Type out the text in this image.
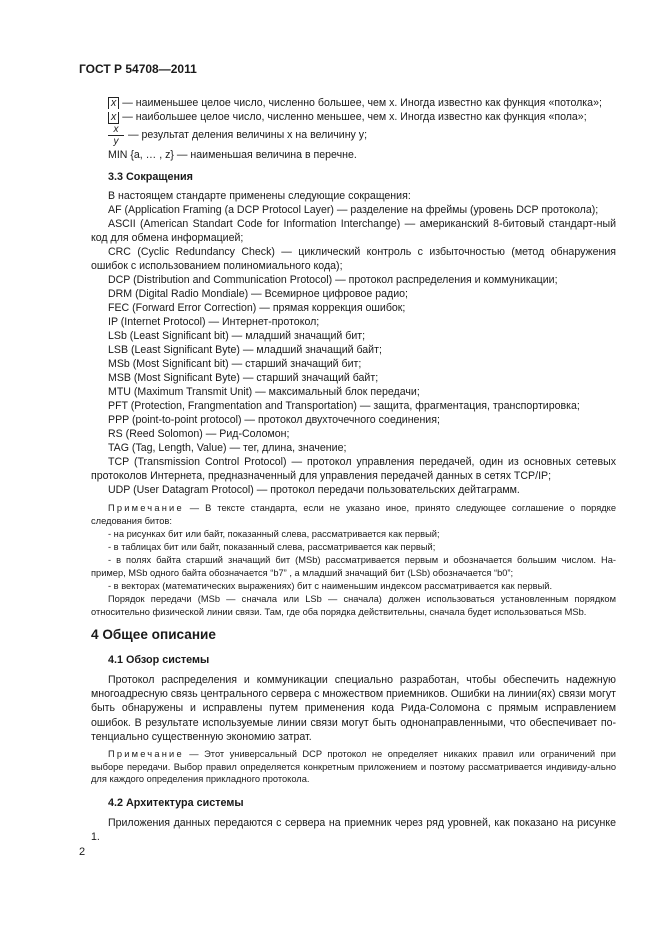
ГОСТ Р 54708—2011

x — наименьшее целое число, численно большее, чем x. Иногда известно как функция «потолка»;

x — наибольшее целое число, численно меньшее, чем x. Иногда известно как функция «пола»;

$\frac{x}{y}$ — результат деления величины x на величину y;

MIN {a, … , z} — наименьшая величина в перечне.

3.3 Сокращения

В настоящем стандарте применены следующие сокращения:

AF (Application Framing (a DCP Protocol Layer) — разделение на фреймы (уровень DCP протокола);

ASCII (American Standart Code for Information Interchange) — американский 8-битовый стандарт-ный код для обмена информацией;

CRC (Cyclic Redundancy Check) — циклический контроль с избыточностью (метод обнаружения ошибок с использованием полиномиального кода);

DCP (Distribution and Communication Protocol) — протокол распределения и коммуникации;

DRM (Digital Radio Mondiale) — Всемирное цифровое радио;

FEC (Forward Error Correction) — прямая коррекция ошибок;

IP (Internet Protocol) — Интернет-протокол;

LSb (Least Significant bit) — младший значащий бит;

LSB (Least Significant Byte) — младший значащий байт;

MSb (Most Significant bit) — старший значащий бит;

MSB (Most Significant Byte) — старший значащий байт;

MTU (Maximum Transmit Unit) — максимальный блок передачи;

PFT (Protection, Frangmentation and Transportation) — защита, фрагментация, транспортировка;

PPP (point-to-point protocol) — протокол двухточечного соединения;

RS (Reed Solomon) — Рид-Соломон;

TAG (Tag, Length, Value) — тег, длина, значение;

TCP (Transmission Control Protocol) — протокол управления передачей, один из основных сетевых протоколов Интернета, предназначенный для управления передачей данных в сетях TCP/IP;

UDP (User Datagram Protocol) — протокол передачи пользовательских дейтаграмм.

Примечание — В тексте стандарта, если не указано иное, принято следующее соглашение о порядке следования битов:

- на рисунках бит или байт, показанный слева, рассматривается как первый;

- в таблицах бит или байт, показанный слева, рассматривается как первый;

- в полях байта старший значащий бит (MSb) рассматривается первым и обозначается большим числом. На-пример, MSb одного байта обозначается “b7” , а младший значащий бит (LSb) обозначается “b0”;

- в векторах (математических выражениях) бит с наименьшим индексом рассматривается как первый.

Порядок передачи (MSb — сначала или LSb — сначала) должен использоваться установленным порядком относительно физической линии связи. Там, где оба порядка действительны, сначала будет использоваться MSb.

4 Общее описание

4.1 Обзор системы

Протокол распределения и коммуникации специально разработан, чтобы обеспечить надежную многоадресную связь центрального сервера с множеством приемников. Ошибки на линии(ях) связи могут быть обнаружены и исправлены путем применения кода Рида-Соломона с прямым исправлением ошибок. В результате используемые линии связи могут быть однонаправленными, что обеспечивает по-тенциально существенную экономию затрат.

Примечание — Этот универсальный DCP протокол не определяет никаких правил или ограничений при выборе передачи. Выбор правил определяется конкретным приложением и поэтому рассматривается индивиду-ально для каждого определения прикладного протокола.

4.2 Архитектура системы

Приложения данных передаются с сервера на приемник через ряд уровней, как показано на рисунке 1.

2
